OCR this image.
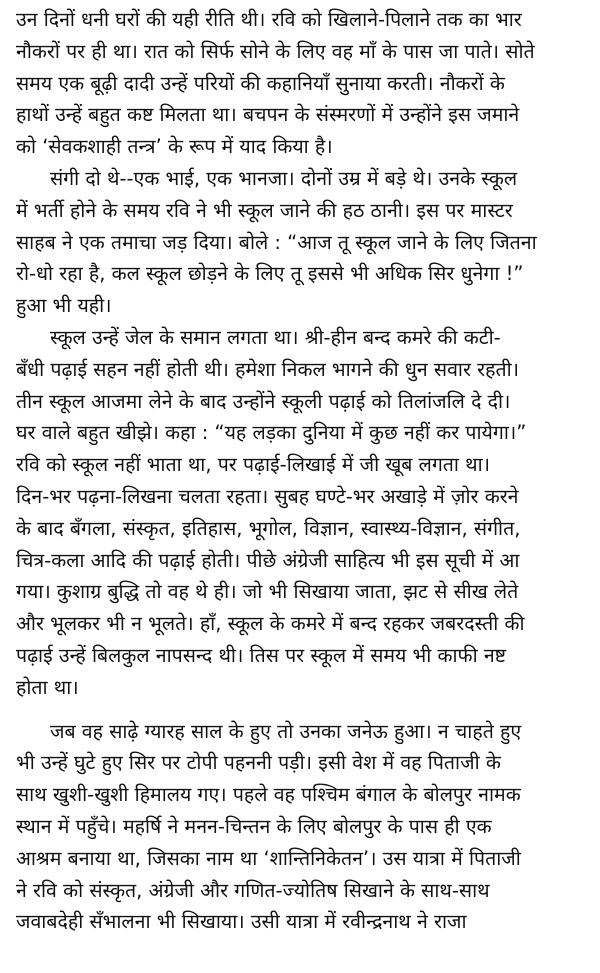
उन दिनों धनी घरों की यही रीति थी। रवि को खिलाने-पिलाने तक का भार
नौकरों पर ही था। रात को सिर्फ सोने के लिए वह माँ के पास जा पाते। सोते
समय एक बूढ़ी दादी उन्हें परियों की कहानियाँ सुनाया करती। नौकरों के
हाथों उन्हें बहुत कष्ट मिलता था। बचपन के संस्मरणों में उन्होंने इस जमाने
को ‘सेवकशाही तन्त्र’ के रूप में याद किया है।
संगी दो थे--एक भाई, एक भानजा। दोनों उम्र में बड़े थे। उनके स्कूल
में भर्ती होने के समय रवि ने भी स्कूल जाने की हठ ठानी। इस पर मास्टर
साहब ने एक तमाचा जड़ दिया। बोले : “आज तू स्कूल जाने के लिए जितना
रो-धो रहा है, कल स्कूल छोड़ने के लिए तू इससे भी अधिक सिर धुनेगा !”
हुआ भी यही।
स्कूल उन्हें जेल के समान लगता था। श्री-हीन बन्द कमरे की कटी-
बँधी पढ़ाई सहन नहीं होती थी। हमेशा निकल भागने की धुन सवार रहती।
तीन स्कूल आजमा लेने के बाद उन्होंने स्कूली पढ़ाई को तिलांजलि दे दी।
घर वाले बहुत खीझे। कहा : “यह लड़का दुनिया में कुछ नहीं कर पायेगा।”
रवि को स्कूल नहीं भाता था, पर पढ़ाई-लिखाई में जी खूब लगता था।
दिन-भर पढ़ना-लिखना चलता रहता। सुबह घण्टे-भर अखाड़े में ज़ोर करने
के बाद बँगला, संस्कृत, इतिहास, भूगोल, विज्ञान, स्वास्थ्य-विज्ञान, संगीत,
चित्र-कला आदि की पढ़ाई होती। पीछे अंग्रेजी साहित्य भी इस सूची में आ
गया। कुशाग्र बुद्धि तो वह थे ही। जो भी सिखाया जाता, झट से सीख लेते
और भूलकर भी न भूलते। हाँ, स्कूल के कमरे में बन्द रहकर जबरदस्ती की
पढ़ाई उन्हें बिलकुल नापसन्द थी। तिस पर स्कूल में समय भी काफी नष्ट
होता था।
जब वह साढ़े ग्यारह साल के हुए तो उनका जनेऊ हुआ। न चाहते हुए
भी उन्हें घुटे हुए सिर पर टोपी पहननी पड़ी। इसी वेश में वह पिताजी के
साथ खुशी-खुशी हिमालय गए। पहले वह पश्चिम बंगाल के बोलपुर नामक
स्थान में पहुँचे। महर्षि ने मनन-चिन्तन के लिए बोलपुर के पास ही एक
आश्रम बनाया था, जिसका नाम था ‘शान्तिनिकेतन’। उस यात्रा में पिताजी
ने रवि को संस्कृत, अंग्रेजी और गणित-ज्योतिष सिखाने के साथ-साथ
जवाबदेही सँभालना भी सिखाया। उसी यात्रा में रवीन्द्रनाथ ने राजा
